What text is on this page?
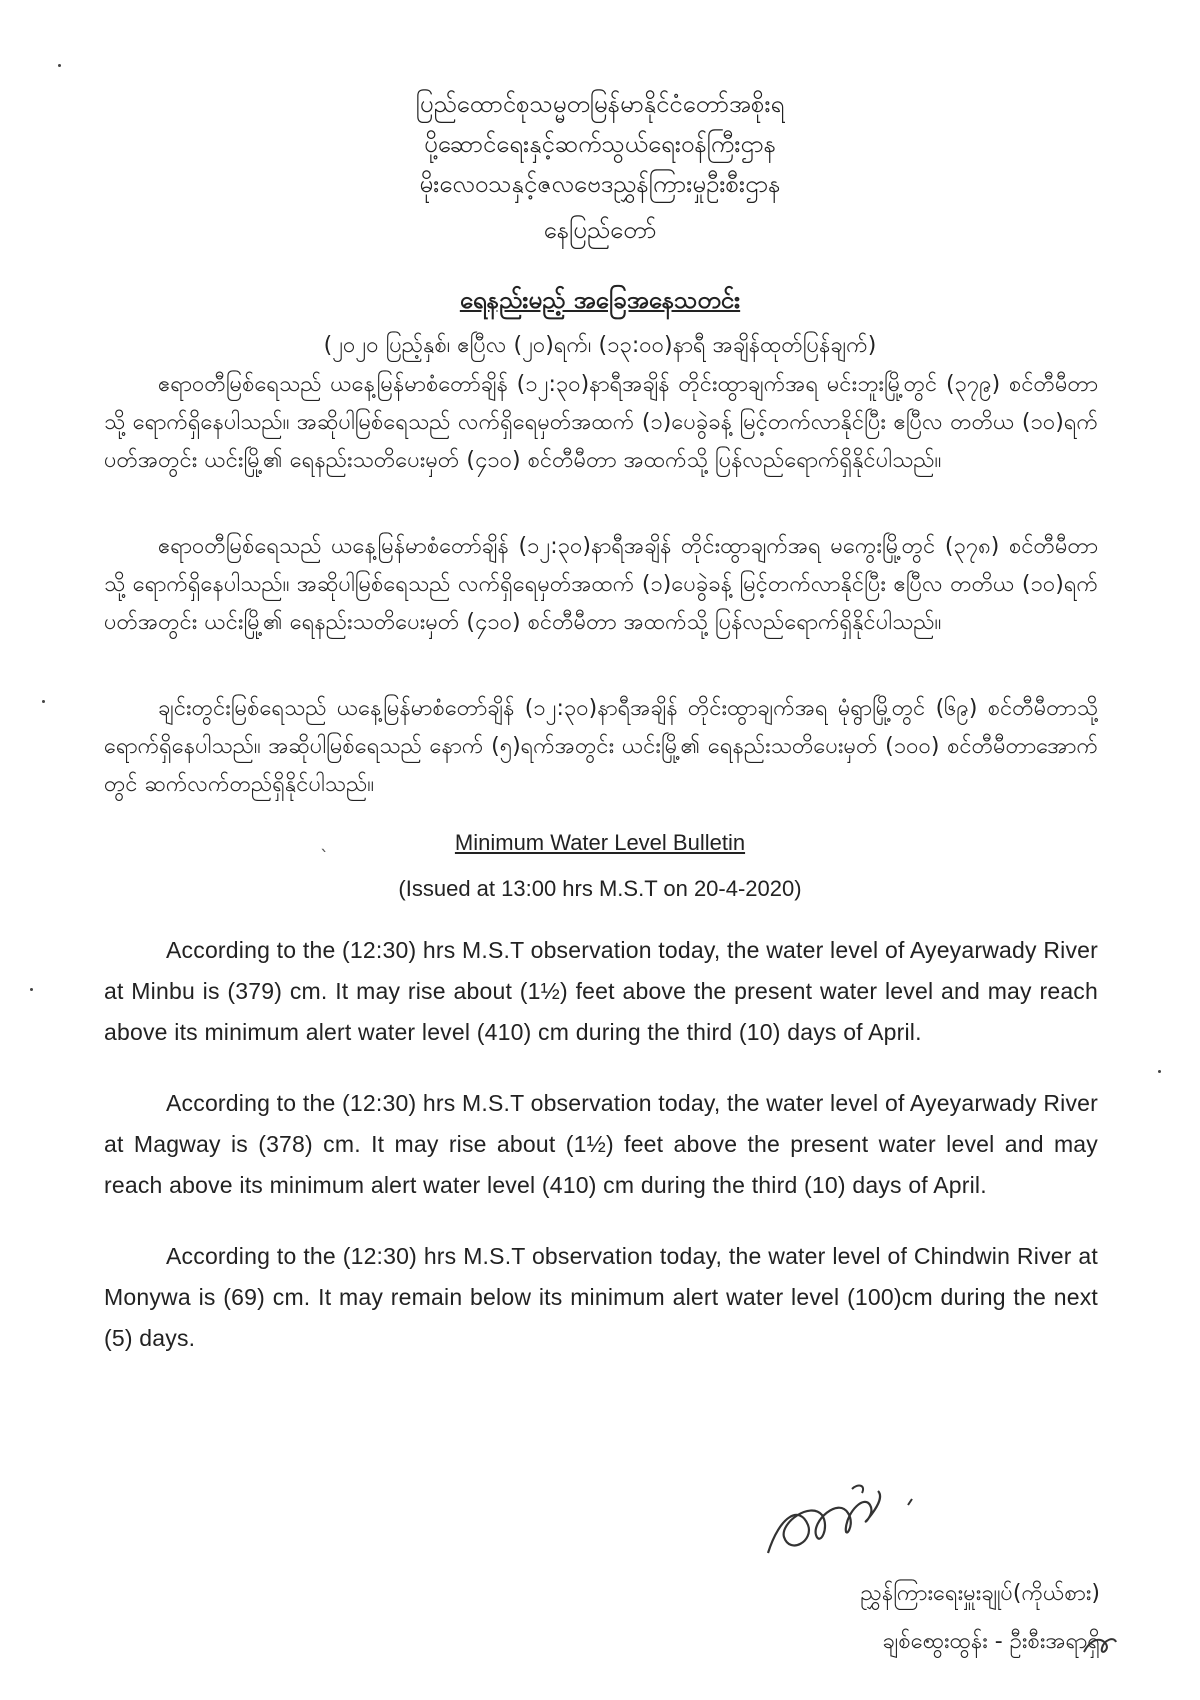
ပြည်ထောင်စုသမ္မတမြန်မာနိုင်ငံတော်အစိုးရ
ပို့ဆောင်ရေးနှင့်ဆက်သွယ်ရေးဝန်ကြီးဌာန
မိုးလေဝသနှင့်ဇလဗေဒညွှန်ကြားမှုဦးစီးဌာန
နေပြည်တော်
ရေနည်းမည့် အခြေအနေသတင်း
(၂၀၂၀ ပြည့်နှစ်၊ ဧပြီလ (၂၀)ရက်၊ (၁၃:၀၀)နာရီ အချိန်ထုတ်ပြန်ချက်)
ဧရာဝတီမြစ်ရေသည် ယနေ့မြန်မာစံတော်ချိန် (၁၂:၃၀)နာရီအချိန် တိုင်းထွာချက်အရ မင်းဘူးမြို့တွင် (၃၇၉) စင်တီမီတာသို့ ရောက်ရှိနေပါသည်။ အဆိုပါမြစ်ရေသည် လက်ရှိရေမှတ်အထက် (၁)ပေခွဲခန့် မြင့်တက်လာနိုင်ပြီး ဧပြီလ တတိယ (၁၀)ရက်ပတ်အတွင်း ယင်းမြို့၏ ရေနည်းသတိပေးမှတ် (၄၁၀) စင်တီမီတာ အထက်သို့ ပြန်လည်ရောက်ရှိနိုင်ပါသည်။
ဧရာဝတီမြစ်ရေသည် ယနေ့မြန်မာစံတော်ချိန် (၁၂:၃၀)နာရီအချိန် တိုင်းထွာချက်အရ မကွေးမြို့တွင် (၃၇၈) စင်တီမီတာသို့ ရောက်ရှိနေပါသည်။ အဆိုပါမြစ်ရေသည် လက်ရှိရေမှတ်အထက် (၁)ပေခွဲခန့် မြင့်တက်လာနိုင်ပြီး ဧပြီလ တတိယ (၁၀)ရက်ပတ်အတွင်း ယင်းမြို့၏ ရေနည်းသတိပေးမှတ် (၄၁၀) စင်တီမီတာ အထက်သို့ ပြန်လည်ရောက်ရှိနိုင်ပါသည်။
ချင်းတွင်းမြစ်ရေသည် ယနေ့မြန်မာစံတော်ချိန် (၁၂:၃၀)နာရီအချိန် တိုင်းထွာချက်အရ မုံရွာမြို့တွင် (၆၉) စင်တီမီတာသို့ ရောက်ရှိနေပါသည်။ အဆိုပါမြစ်ရေသည် နောက် (၅)ရက်အတွင်း ယင်းမြို့၏ ရေနည်းသတိပေးမှတ် (၁၀၀) စင်တီမီတာအောက်တွင် ဆက်လက်တည်ရှိနိုင်ပါသည်။
ˎ	Minimum Water Level Bulletin
(Issued at 13:00 hrs M.S.T on 20-4-2020)
According to the (12:30) hrs M.S.T observation today, the water level of Ayeyarwady River at Minbu is (379) cm. It may rise about (1½) feet above the present water level and may reach above its minimum alert water level (410) cm during the third (10) days of April.
According to the (12:30) hrs M.S.T observation today, the water level of Ayeyarwady River at Magway is (378) cm. It may rise about (1½) feet above the present water level and may reach above its minimum alert water level (410) cm during the third (10) days of April.
According to the (12:30) hrs M.S.T observation today, the water level of Chindwin River at Monywa is (69) cm. It may remain below its minimum alert water level (100)cm during the next (5) days.
ညွှန်ကြားရေးမှူးချုပ်(ကိုယ်စား)
ချစ်ထွေးထွန်း - ဦးစီးအရာရှိ
